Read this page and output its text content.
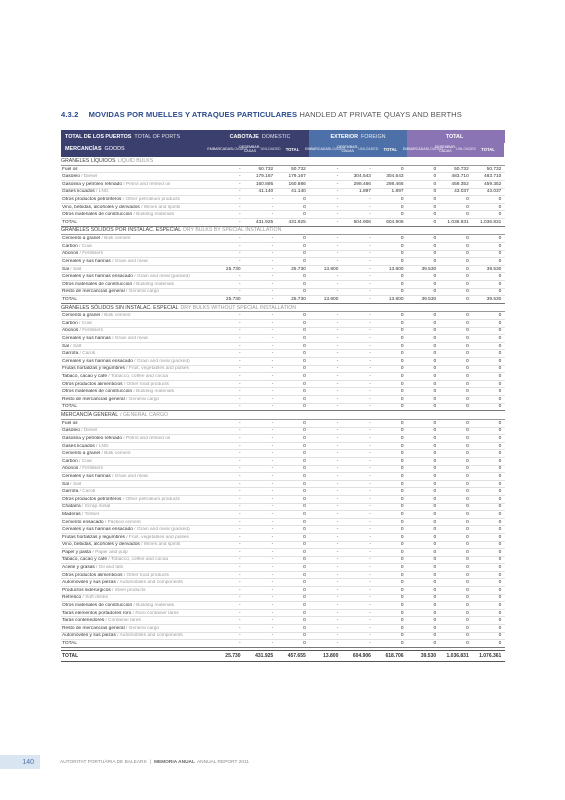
4.3.2 MOVIDAS POR MUELLES Y ATRAQUES PARTICULARES HANDLED AT PRIVATE QUAYS AND BERTHS
TOTAL DE LOS PUERTOS TOTAL OF PORTS	CABOTAJE DOMESTIC	EXTERIOR FOREIGN	TOTAL
MERCANCÍAS GOODS	EMBARCADAS LOADED
DESEMBAR-CADAS	UNLOADED	TOTAL	EMBARCADAS LOADED
DESEMBAR-CADAS	UNLOADED	TOTAL	EMBARCADAS LOADED
DESEMBAR-CADAS	UNLOADED	TOTAL
GRANELES LÍQUIDOS LIQUID BULKS
Fuel oil	-	50.732	50.732	-	-	0	0	50.732	50.732
Gasóleo / Diesel	-	179.167	179.167	-	304.543	304.543	0	483.710	483.710
Gasolina y petróleo refinado / Petrol and refined oil	-	160.886	160.886	-	298.466	298.466	0	459.352	459.352
Gases licuados / LNG	-	41.140	41.140	-	1.897	1.897	0	43.037	43.037
Otros productos petrolíferos / Other petroleum products	-	-	0	-	-	0	0	0	0
Vino, bebidas, alcoholes y derivados / Wines and spirits	-	-	0	-	-	0	0	0	0
Otros materiales de construcción / Building materials	-	-	0	-	-	0	0	0	0
TOTAL	-	431.925	431.925	-	604.906	604.906	0	1.036.831	1.036.831
GRANELES SÓLIDOS POR INSTALAC. ESPECIAL DRY BULKS BY SPECIAL INSTALLATION
Cemento a granel / Bulk cement	-	-	0	-	-	0	0	0	0
Carbón / Coal	-	-	0	-	-	0	0	0	0
Abonos / Fertilisers	-	-	0	-	-	0	0	0	0
Cereales y sus harinas / Grain and meal	-	-	0	-	-	0	0	0	0
Sal / Salt	25.730	-	25.730	13.800	-	13.800	39.530	0	39.530
Cereales y sus harinas ensacado / Grain and meal (packed)	-	-	0	-	-	0	0	0	0
Otros materiales de construcción / Building materials	-	-	0	-	-	0	0	0	0
Resto de mercancías general / General cargo	-	-	0	-	-	0	0	0	0
TOTAL	25.730	-	25.730	13.800	-	13.800	39.530	0	39.530
GRANELES SÓLIDOS SIN INSTALAC. ESPECIAL DRY BULKS WITHOUT SPECIAL INSTALLATION
Cemento a granel / Bulk cement	-	-	0	-	-	0	0	0	0
Carbón / Coal	-	-	0	-	-	0	0	0	0
Abonos / Fertilisers	-	-	0	-	-	0	0	0	0
Cereales y sus harinas / Grain and meal	-	-	0	-	-	0	0	0	0
Sal / Salt	-	-	0	-	-	0	0	0	0
Garrofa / Carob	-	-	0	-	-	0	0	0	0
Cereales y sus harinas ensacado / Grain and meal (packed)	-	-	0	-	-	0	0	0	0
Frutas hortalizas y legumbres / Fruit, vegetables and pulses	-	-	0	-	-	0	0	0	0
Tabaco, cacao y café / Tobacco, coffee and cocoa	-	-	0	-	-	0	0	0	0
Otros productos alimenticios / Other food products	-	-	0	-	-	0	0	0	0
Otros materiales de construcción / Building materials	-	-	0	-	-	0	0	0	0
Resto de mercancías general / General cargo	-	-	0	-	-	0	0	0	0
TOTAL	-	-	0	-	-	0	0	0	0
MERCANCÍA GENERAL / GENERAL CARGO
Fuel oil	-	-	0	-	-	0	0	0	0
Gasóleo / Diesel	-	-	0	-	-	0	0	0	0
Gasolina y petróleo refinado / Petrol and refined oil	-	-	0	-	-	0	0	0	0
Gases licuados / LNG	-	-	0	-	-	0	0	0	0
Cemento a granel / Bulk cement	-	-	0	-	-	0	0	0	0
Carbón / Coal	-	-	0	-	-	0	0	0	0
Abonos / Fertilisers	-	-	0	-	-	0	0	0	0
Cereales y sus harinas / Grain and meal	-	-	0	-	-	0	0	0	0
Sal / Salt	-	-	0	-	-	0	0	0	0
Garrofa / Carob	-	-	0	-	-	0	0	0	0
Otros productos petrolíferos / Other petroleum products	-	-	0	-	-	0	0	0	0
Chatarra / Scrap metal	-	-	0	-	-	0	0	0	0
Maderas / Timber	-	-	0	-	-	0	0	0	0
Cemento ensacado / Packed cement	-	-	0	-	-	0	0	0	0
Cereales y sus harinas ensacado / Grain and meal (packed)	-	-	0	-	-	0	0	0	0
Frutas hortalizas y legumbres / Fruit, vegetables and pulses	-	-	0	-	-	0	0	0	0
Vino, bebidas, alcoholes y derivados / Wines and spirits	-	-	0	-	-	0	0	0	0
Papel y pasta / Paper and pulp	-	-	0	-	-	0	0	0	0
Tabaco, cacao y café / Tobacco, coffee and cocoa	-	-	0	-	-	0	0	0	0
Aceite y grasas / Oil and fats	-	-	0	-	-	0	0	0	0
Otros productos alimenticios / Other food products	-	-	0	-	-	0	0	0	0
Automóviles y sus piezas / Automobiles and components	-	-	0	-	-	0	0	0	0
Productos siderúrgicos / Steel products	-	-	0	-	-	0	0	0	0
Refresco / Soft drinks	-	-	0	-	-	0	0	0	0
Otros materiales de construcción / Building materials	-	-	0	-	-	0	0	0	0
Taras elementos portadores roro / Roro container tares	-	-	0	-	-	0	0	0	0
Taras contenedores / Container tares	-	-	0	-	-	0	0	0	0
Resto de mercancías general / General cargo	-	-	0	-	-	0	0	0	0
Automóviles y sus piezas / Automobiles and components	-	-	0	-	-	0	0	0	0
TOTAL	-	-	0	-	-	0	0	0	0
TOTAL	25.730	431.925	457.655	13.800	604.906	618.706	39.530	1.036.831	1.076.361
140	AUTORITAT PORTUÀRIA DE BALEARS | MEMORIA ANUAL ANNUAL REPORT 2011
